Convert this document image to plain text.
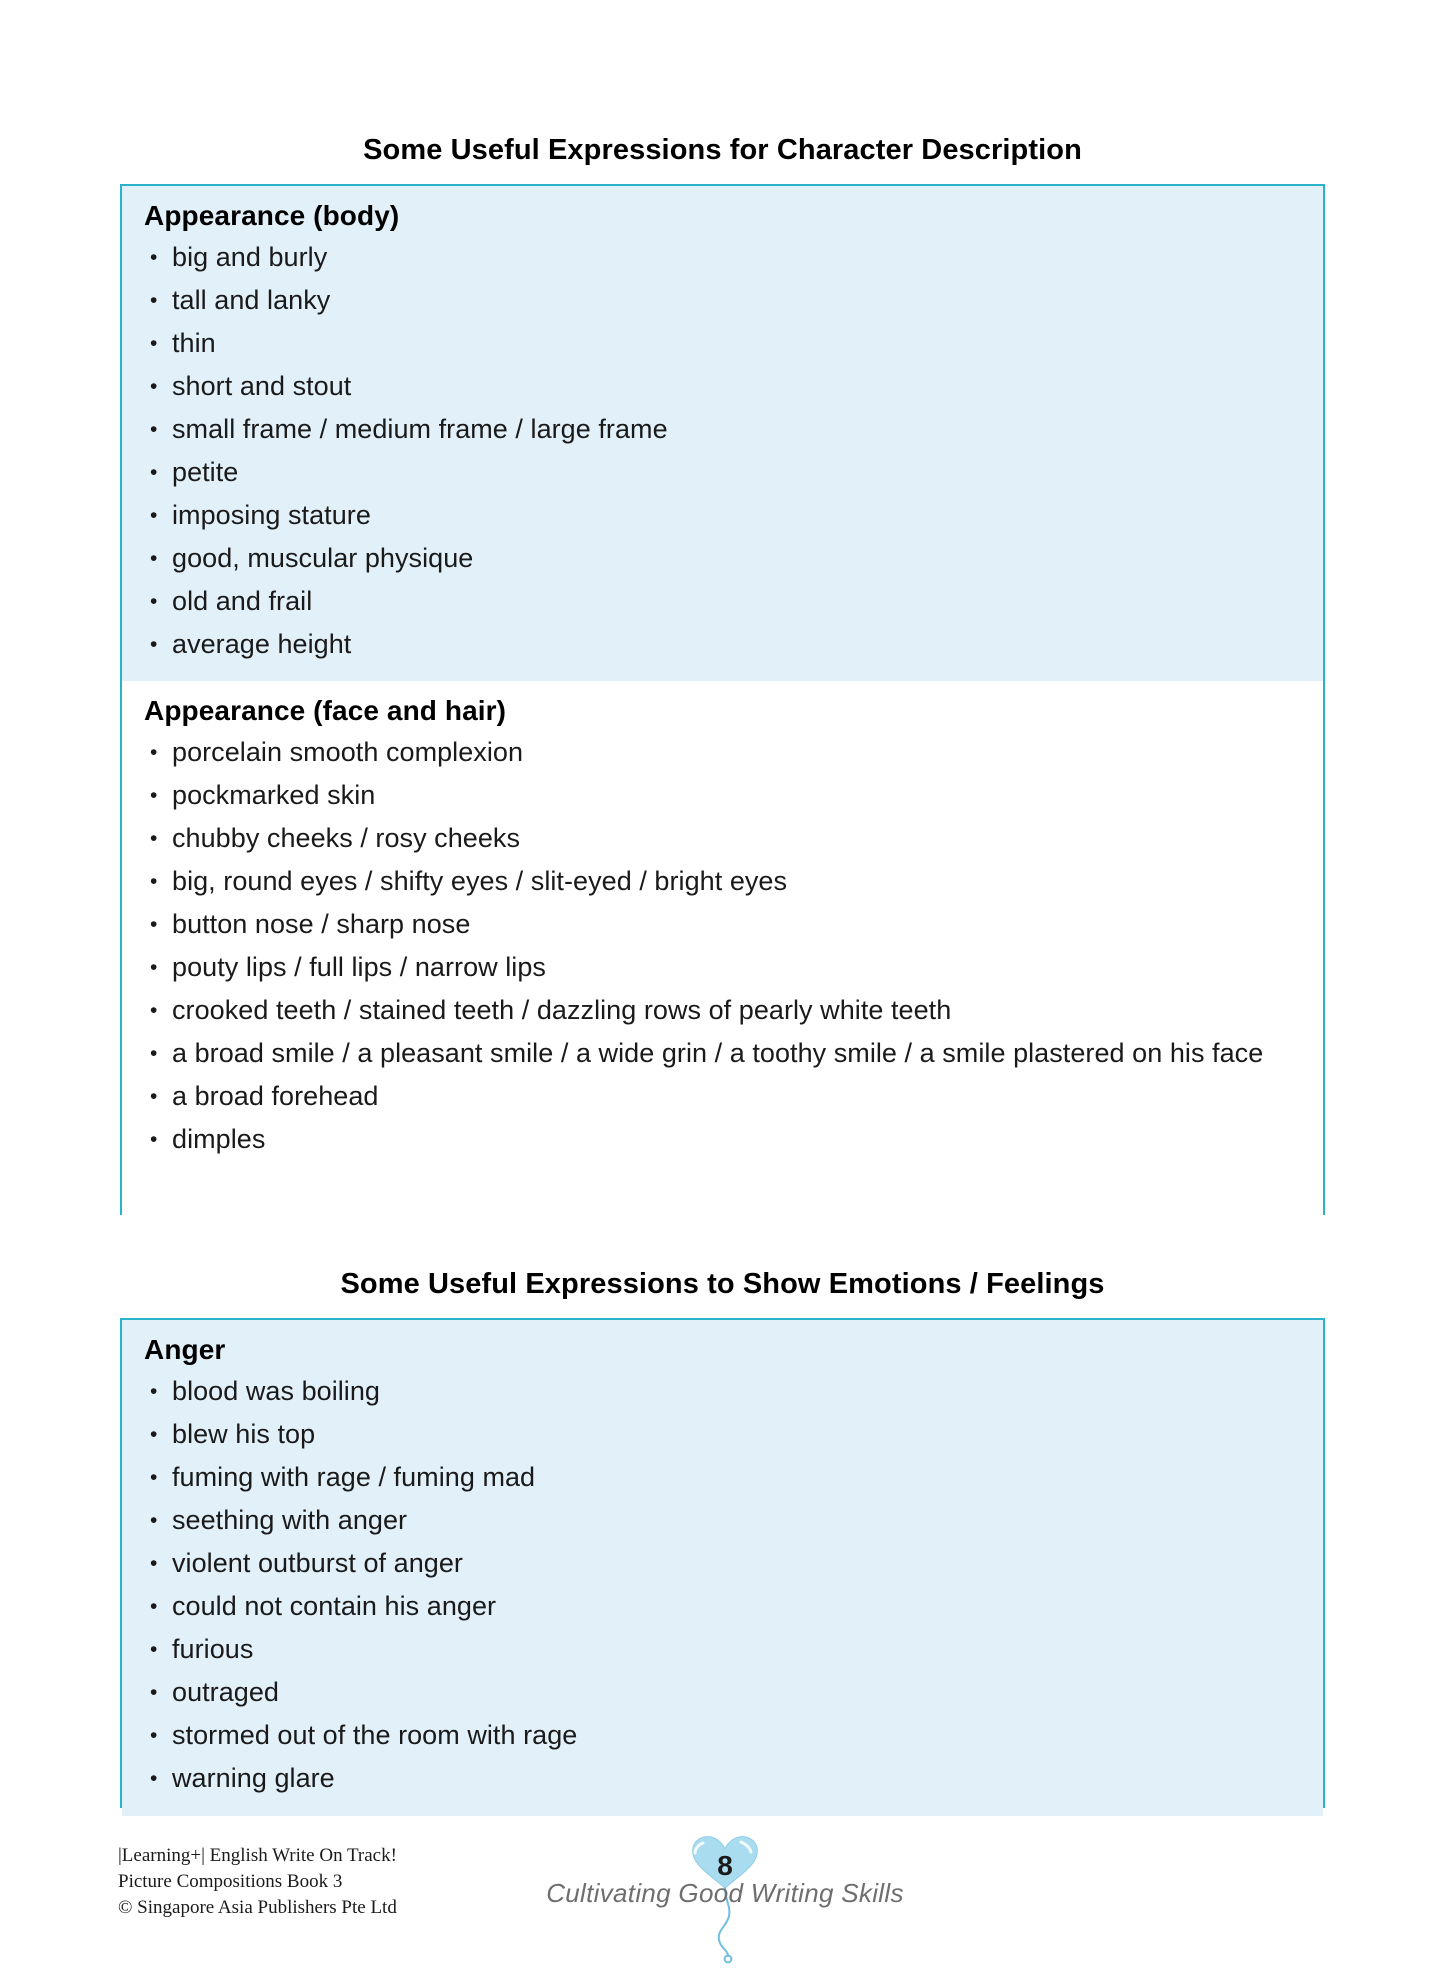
Some Useful Expressions for Character Description
Appearance (body)
• big and burly
• tall and lanky
• thin
• short and stout
• small frame / medium frame / large frame
• petite
• imposing stature
• good, muscular physique
• old and frail
• average height
Appearance (face and hair)
• porcelain smooth complexion
• pockmarked skin
• chubby cheeks / rosy cheeks
• big, round eyes / shifty eyes / slit-eyed / bright eyes
• button nose / sharp nose
• pouty lips / full lips / narrow lips
• crooked teeth / stained teeth / dazzling rows of pearly white teeth
• a broad smile / a pleasant smile / a wide grin / a toothy smile / a smile plastered on his face
• a broad forehead
• dimples
Some Useful Expressions to Show Emotions / Feelings
Anger
• blood was boiling
• blew his top
• fuming with rage / fuming mad
• seething with anger
• violent outburst of anger
• could not contain his anger
• furious
• outraged
• stormed out of the room with rage
• warning glare
|Learning+| English Write On Track!
Picture Compositions Book 3
© Singapore Asia Publishers Pte Ltd
8
Cultivating Good Writing Skills
